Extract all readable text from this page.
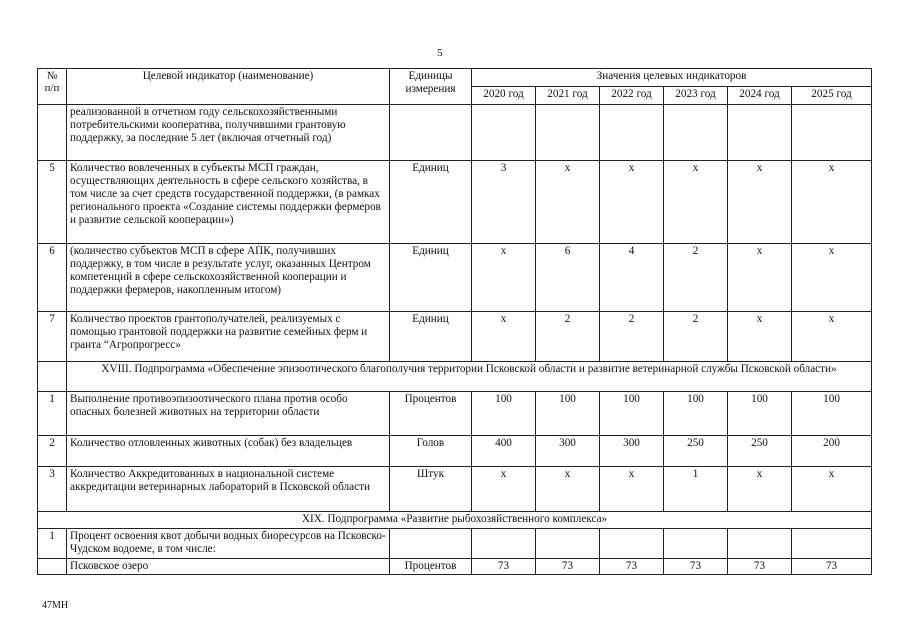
5
№ п/п	Целевой индикатор (наименование)	Единицы измерения	Значения целевых индикаторов					
			2020 год	2021 год	2022 год	2023 год	2024 год	2025 год
	реализованной в отчетном году сельскохозяйственными потребительскими кооператива, получившими грантовую поддержку, за последние 5 лет (включая отчетный год)							
5	Количество вовлеченных в субъекты МСП граждан, осуществляющих деятельность в сфере сельского хозяйства, в том числе за счет средств государственной поддержки, (в рамках регионального проекта «Создание системы поддержки фермеров и развитие сельской кооперации»)	Единиц	3	х	х	х	х	х
6	(количество субъектов МСП в сфере АПК, получивших поддержку, в том числе в результате услуг, оказанных Центром компетенций в сфере сельскохозяйственной кооперации и поддержки фермеров, накопленным итогом)	Единиц	х	6	4	2	х	х
7	Количество проектов грантополучателей, реализуемых с помощью грантовой поддержки на развитие семейных ферм и гранта “Агропрогресс»	Единиц	х	2	2	2	х	х
	XVIII. Подпрограмма «Обеспечение эпизоотического благополучия территории Псковской области и развитие ветеринарной службы Псковской области»							
1	Выполнение противоэпизоотического плана против особо опасных болезней животных на территории области	Процентов	100	100	100	100	100	100
2	Количество отловленных животных (собак) без владельцев	Голов	400	300	300	250	250	200
3	Количество Аккредитованных в национальной системе аккредитации ветеринарных лабораторий в Псковской области	Штук	х	х	х	1	х	х
XIX. Подпрограмма «Развитие рыбохозяйственного комплекса»								
1	Процент освоения квот добычи водных биоресурсов на Псковско-Чудском водоеме, в том числе:							
	Псковское озеро	Процентов	73	73	73	73	73	73
47МН
